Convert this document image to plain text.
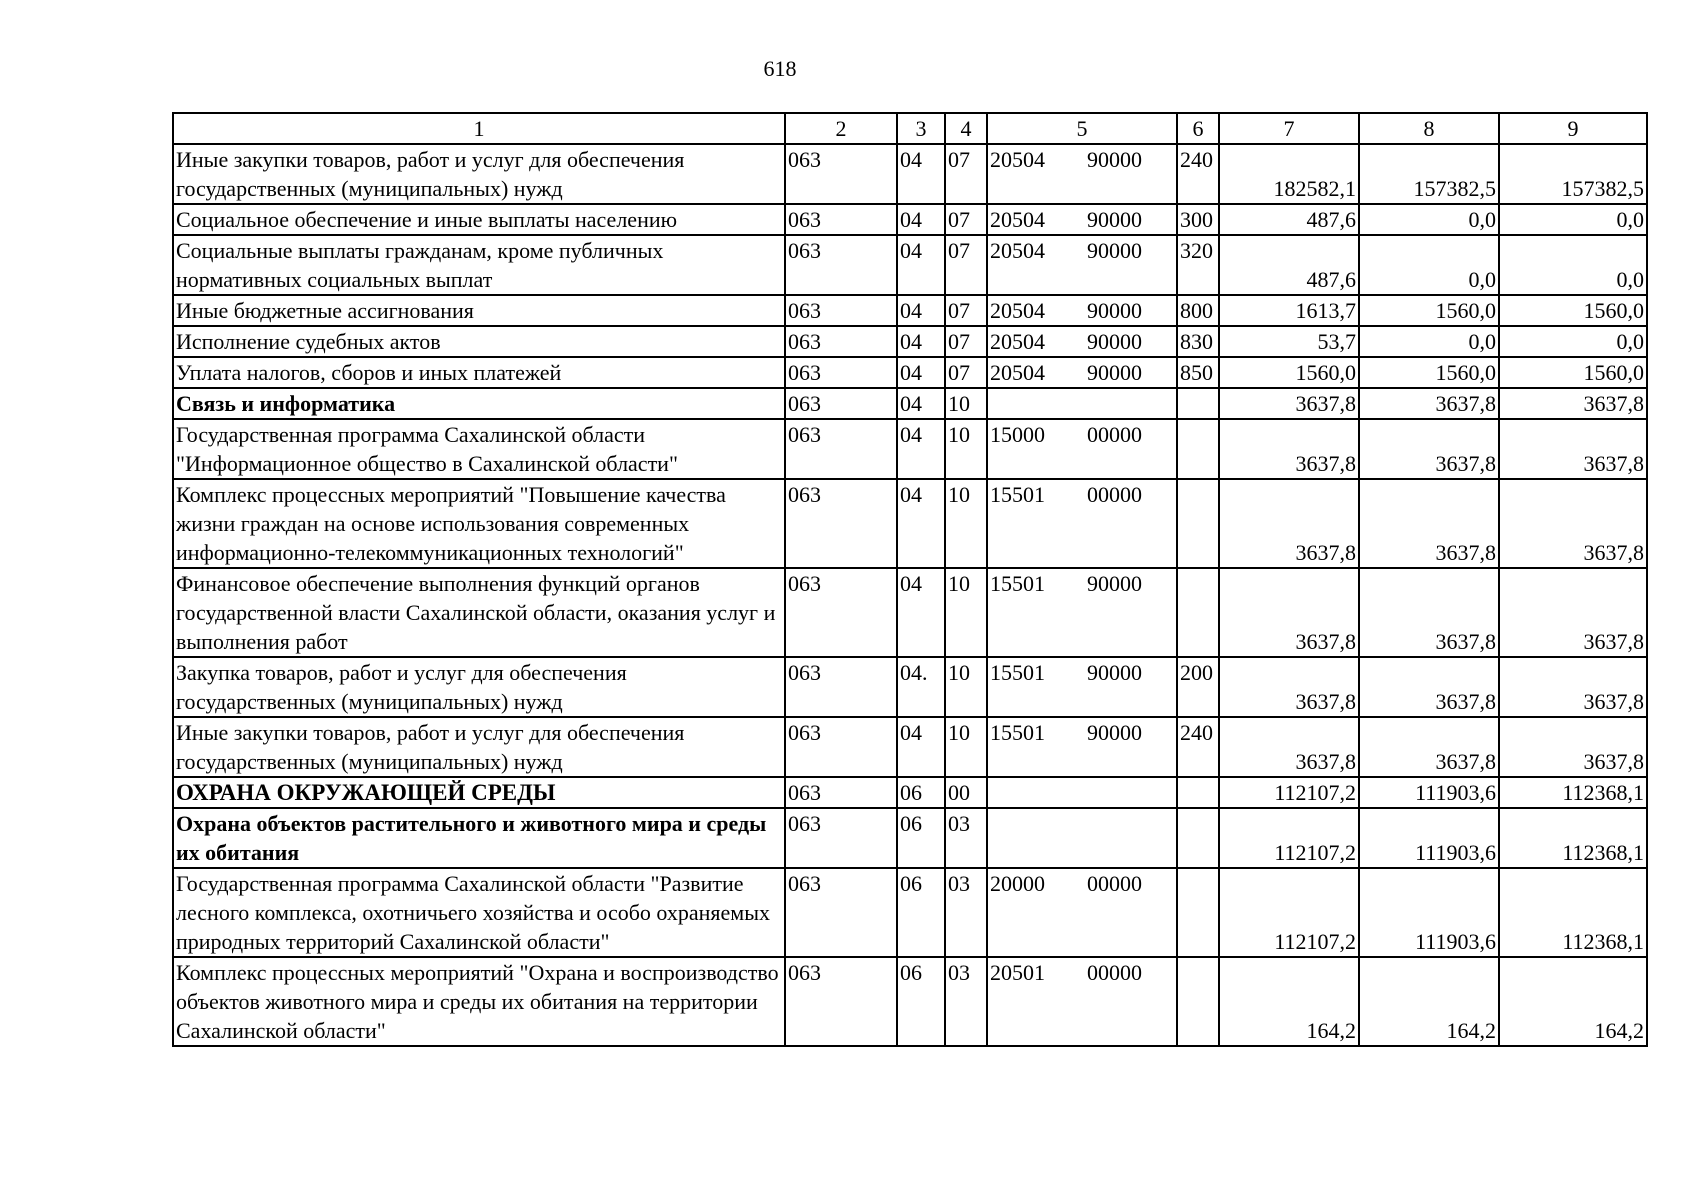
618
1	2	3	4	5	6	7	8	9
Иные закупки товаров, работ и услуг для обеспечения государственных (муниципальных) нужд	063	04	07	20504 90000	240	182582,1	157382,5	157382,5
Социальное обеспечение и иные выплаты населению	063	04	07	20504 90000	300	487,6	0,0	0,0
Социальные выплаты гражданам, кроме публичных нормативных социальных выплат	063	04	07	20504 90000	320	487,6	0,0	0,0
Иные бюджетные ассигнования	063	04	07	20504 90000	800	1613,7	1560,0	1560,0
Исполнение судебных актов	063	04	07	20504 90000	830	53,7	0,0	0,0
Уплата налогов, сборов и иных платежей	063	04	07	20504 90000	850	1560,0	1560,0	1560,0
Связь и информатика	063	04	10			3637,8	3637,8	3637,8
Государственная программа Сахалинской области "Информационное общество в Сахалинской области"	063	04	10	15000 00000		3637,8	3637,8	3637,8
Комплекс процессных мероприятий "Повышение качества жизни граждан на основе использования современных информационно-телекоммуникационных технологий"	063	04	10	15501 00000		3637,8	3637,8	3637,8
Финансовое обеспечение выполнения функций органов государственной власти Сахалинской области, оказания услуг и выполнения работ	063	04	10	15501 90000		3637,8	3637,8	3637,8
Закупка товаров, работ и услуг для обеспечения государственных (муниципальных) нужд	063	04.	10	15501 90000	200	3637,8	3637,8	3637,8
Иные закупки товаров, работ и услуг для обеспечения государственных (муниципальных) нужд	063	04	10	15501 90000	240	3637,8	3637,8	3637,8
ОХРАНА ОКРУЖАЮЩЕЙ СРЕДЫ	063	06	00			112107,2	111903,6	112368,1
Охрана объектов растительного и животного мира и среды их обитания	063	06	03			112107,2	111903,6	112368,1
Государственная программа Сахалинской области "Развитие лесного комплекса, охотничьего хозяйства и особо охраняемых природных территорий Сахалинской области"	063	06	03	20000 00000		112107,2	111903,6	112368,1
Комплекс процессных мероприятий "Охрана и воспроизводство объектов животного мира и среды их обитания на территории Сахалинской области"	063	06	03	20501 00000		164,2	164,2	164,2
